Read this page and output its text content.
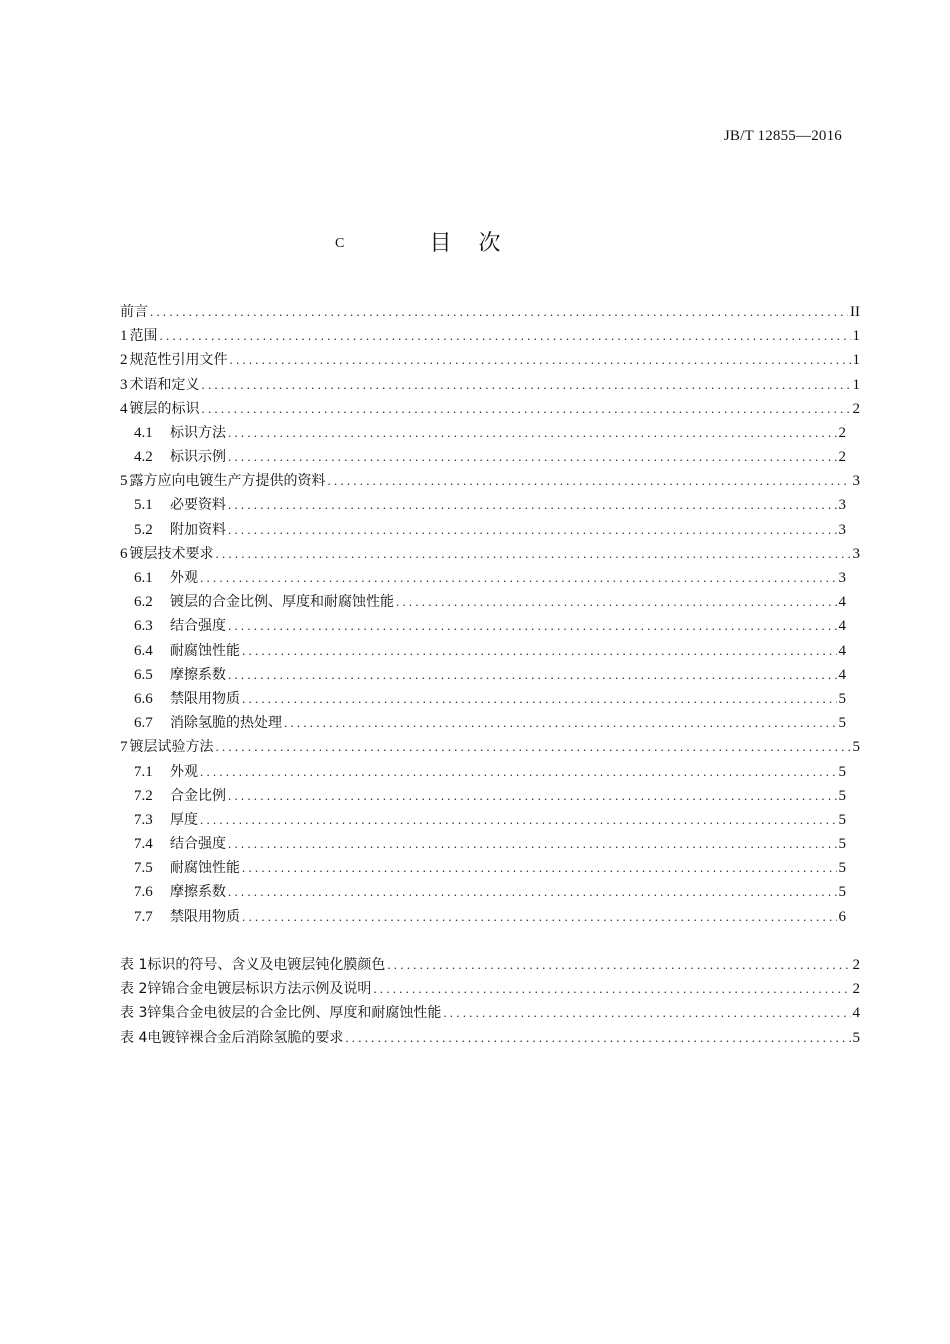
JB/T 12855—2016
C	目 次
前言 .....	ΙΙ
1 范围 .....	1
2 规范性引用文件 .....	1
3 术语和定义 .....	1
4 镀层的标识 .....	2
4.1	标识方法 .....	2
4.2	标识示例 .....	2
5 露方应向电镀生产方提供的资料 .....	3
5.1	必要资料 .....	3
5.2	附加资料 .....	3
6 镀层技术要求 .....	3
6.1	外观 .....	3
6.2	镀层的合金比例、厚度和耐腐蚀性能 .....	4
6.3	结合强度 .....	4
6.4	耐腐蚀性能 .....	4
6.5	摩擦系数 .....	4
6.6	禁限用物质 .....	5
6.7	消除氢脆的热处理 .....	5
7 镀层试验方法 .....	5
7.1	外观 .....	5
7.2	合金比例 .....	5
7.3	厚度 .....	5
7.4	结合强度 .....	5
7.5	耐腐蚀性能 .....	5
7.6	摩擦系数 .....	5
7.7	禁限用物质 .....	6
表 1 标识的符号、含义及电镀层钝化膜颜色 .....	2
表 2 锌锦合金电镀层标识方法示例及说明 .....	2
表 3 锌集合金电彼层的合金比例、厚度和耐腐蚀性能 .....	4
表 4 电镀锌裸合金后消除氢脆的要求 .....	5
